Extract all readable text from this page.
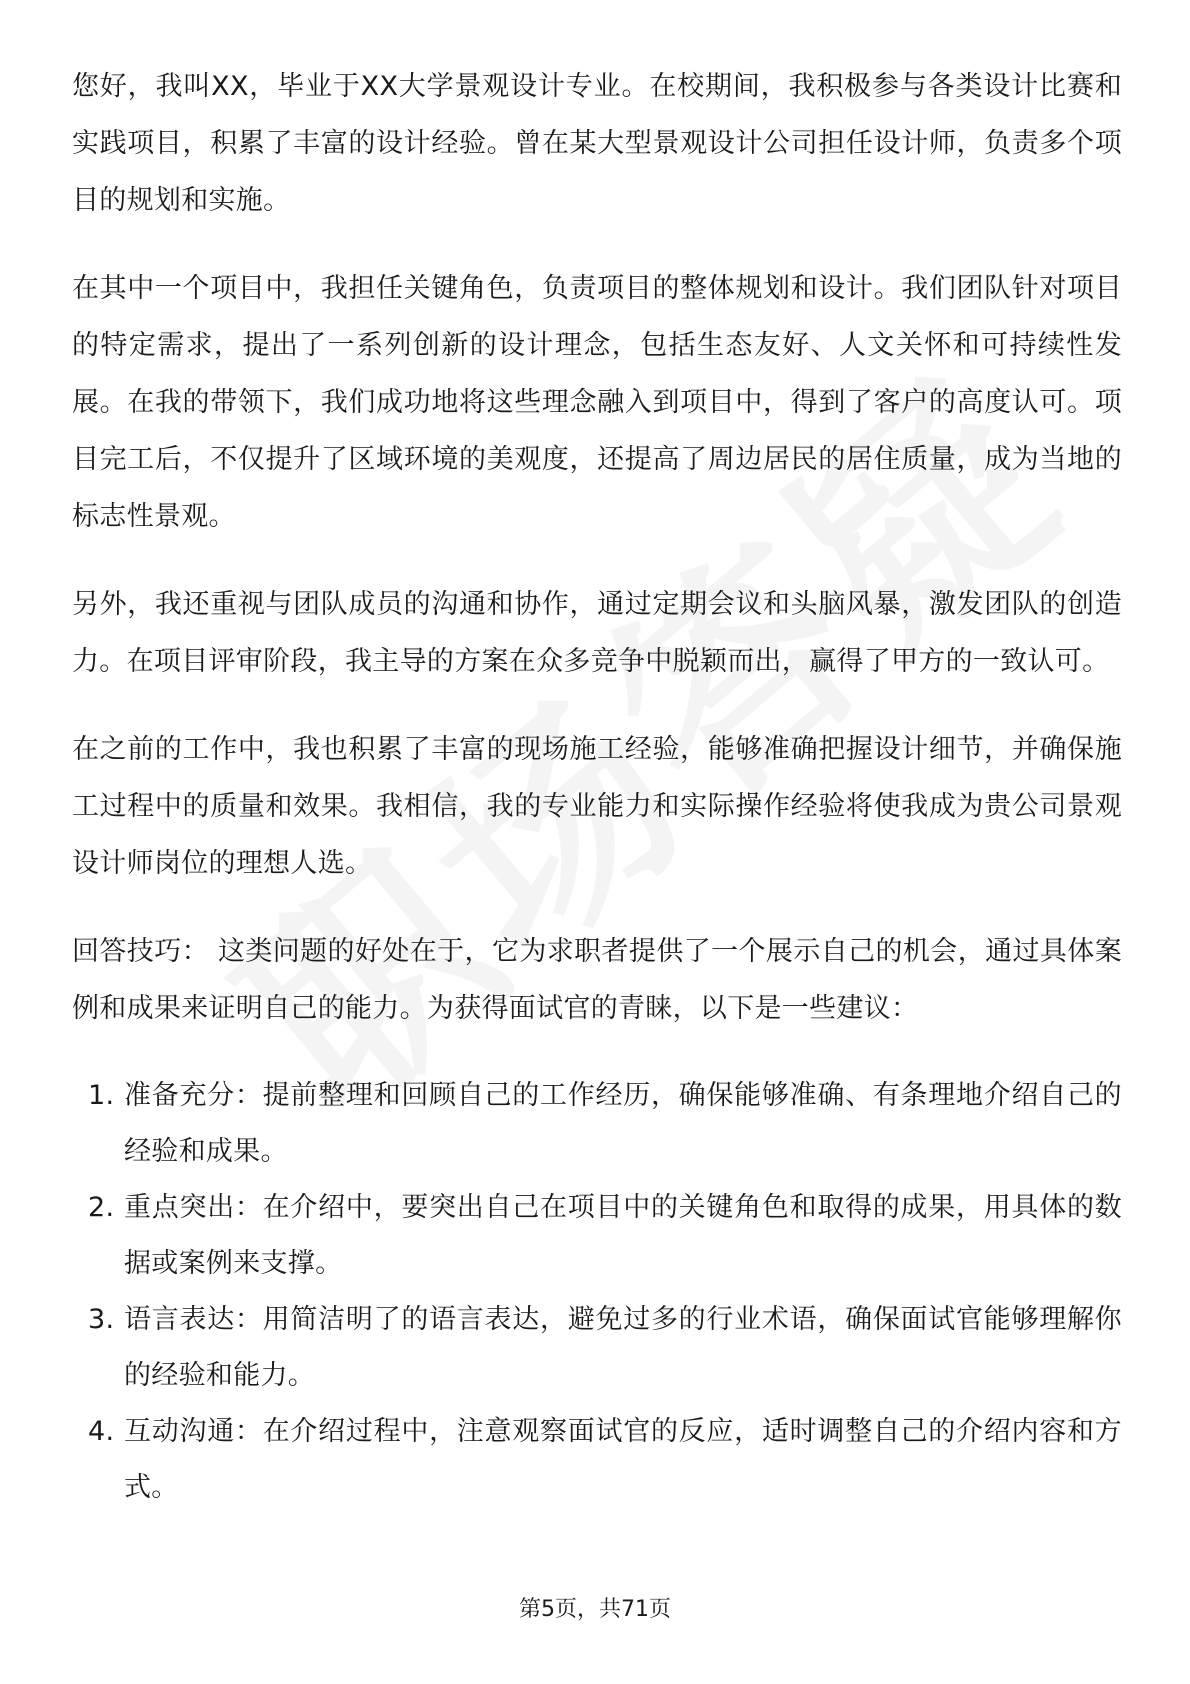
您好，我叫XX，毕业于XX大学景观设计专业。在校期间，我积极参与各类设计比赛和实践项目，积累了丰富的设计经验。曾在某大型景观设计公司担任设计师，负责多个项目的规划和实施。

在其中一个项目中，我担任关键角色，负责项目的整体规划和设计。我们团队针对项目的特定需求，提出了一系列创新的设计理念，包括生态友好、人文关怀和可持续性发展。在我的带领下，我们成功地将这些理念融入到项目中，得到了客户的高度认可。项目完工后，不仅提升了区域环境的美观度，还提高了周边居民的居住质量，成为当地的标志性景观。

另外，我还重视与团队成员的沟通和协作，通过定期会议和头脑风暴，激发团队的创造力。在项目评审阶段，我主导的方案在众多竞争中脱颖而出，赢得了甲方的一致认可。

在之前的工作中，我也积累了丰富的现场施工经验，能够准确把握设计细节，并确保施工过程中的质量和效果。我相信，我的专业能力和实际操作经验将使我成为贵公司景观设计师岗位的理想人选。

回答技巧： 这类问题的好处在于，它为求职者提供了一个展示自己的机会，通过具体案例和成果来证明自己的能力。为获得面试官的青睐，以下是一些建议：

1. 准备充分：提前整理和回顾自己的工作经历，确保能够准确、有条理地介绍自己的经验和成果。
2. 重点突出：在介绍中，要突出自己在项目中的关键角色和取得的成果，用具体的数据或案例来支撑。
3. 语言表达：用简洁明了的语言表达，避免过多的行业术语，确保面试官能够理解你的经验和能力。
4. 互动沟通：在介绍过程中，注意观察面试官的反应，适时调整自己的介绍内容和方式。
第5页，共71页
